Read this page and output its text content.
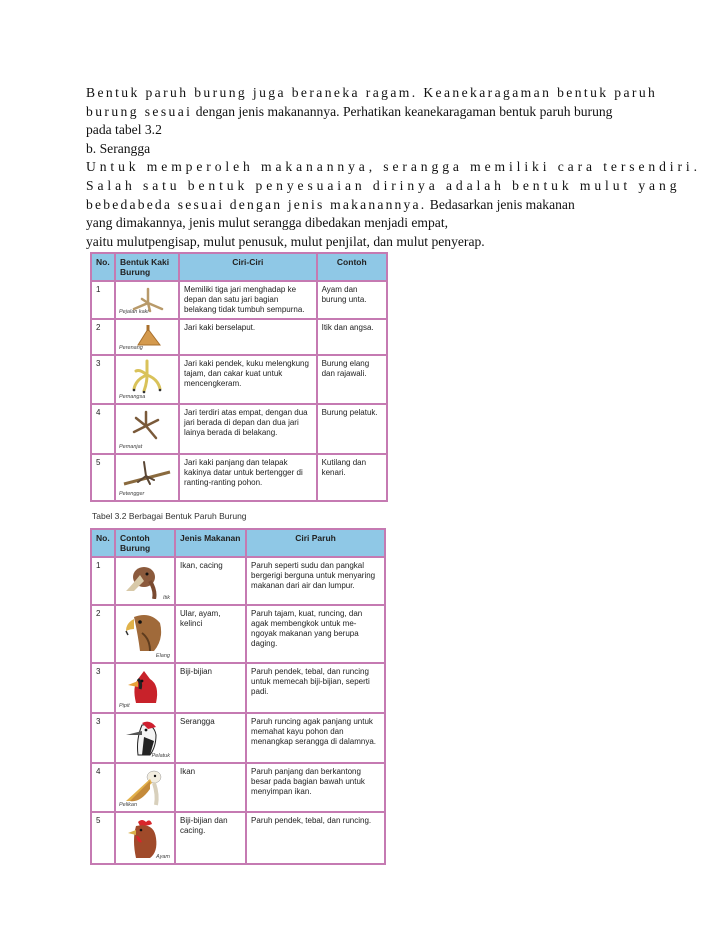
Bentuk paruh burung juga beraneka ragam. Keanekaragaman bentuk paruh

burung sesuai dengan jenis makanannya. Perhatikan keanekaragaman bentuk paruh burung

pada tabel 3.2

b. Serangga

Untuk memperoleh makanannya, serangga memiliki cara tersendiri.

Salah satu bentuk penyesuaian dirinya adalah bentuk mulut yang

bebedabeda sesuai dengan jenis makanannya. Bedasarkan jenis makanan

yang dimakannya, jenis mulut serangga dibedakan menjadi empat,

yaitu mulutpengisap, mulut penusuk, mulut penjilat, dan mulut penyerap.

No.	Bentuk Kaki Burung	Ciri-Ciri	Contoh
1	Pejalan kaki	Memiliki tiga jari menghadap ke depan dan satu jari bagian belakang tidak tumbuh sempurna.	Ayam dan burung unta.
2	Perenang	Jari kaki berselaput.	Itik dan angsa.
3	Pemangsa	Jari kaki pendek, kuku melengkung tajam, dan cakar kuat untuk mencengkeram.	Burung elang dan rajawali.
4	Pemanjat	Jari terdiri atas empat, dengan dua jari berada di depan dan dua jari lainya berada di belakang.	Burung pelatuk.
5	Petengger	Jari kaki panjang dan telapak kakinya datar untuk bertengger di ranting-ranting pohon.	Kutilang dan kenari.
Tabel 3.2 Berbagai Bentuk Paruh Burung
No.	Contoh Burung	Jenis Makanan	Ciri Paruh
1	Itik	Ikan, cacing	Paruh seperti sudu dan pangkal bergerigi berguna untuk menyaring makanan dari air dan lumpur.
2	Elang	Ular, ayam, kelinci	Paruh tajam, kuat, runcing, dan agak membengkok untuk me-ngoyak makanan yang berupa daging.
3	Pipit	Biji-bijian	Paruh pendek, tebal, dan runcing untuk memecah biji-bijian, seperti padi.
3	Pelatuk	Serangga	Paruh runcing agak panjang untuk memahat kayu pohon dan menangkap serangga di dalamnya.
4	Pelikan	Ikan	Paruh panjang dan berkantong besar pada bagian bawah untuk menyimpan ikan.
5	Ayam	Biji-bijian dan cacing.	Paruh pendek, tebal, dan runcing.
